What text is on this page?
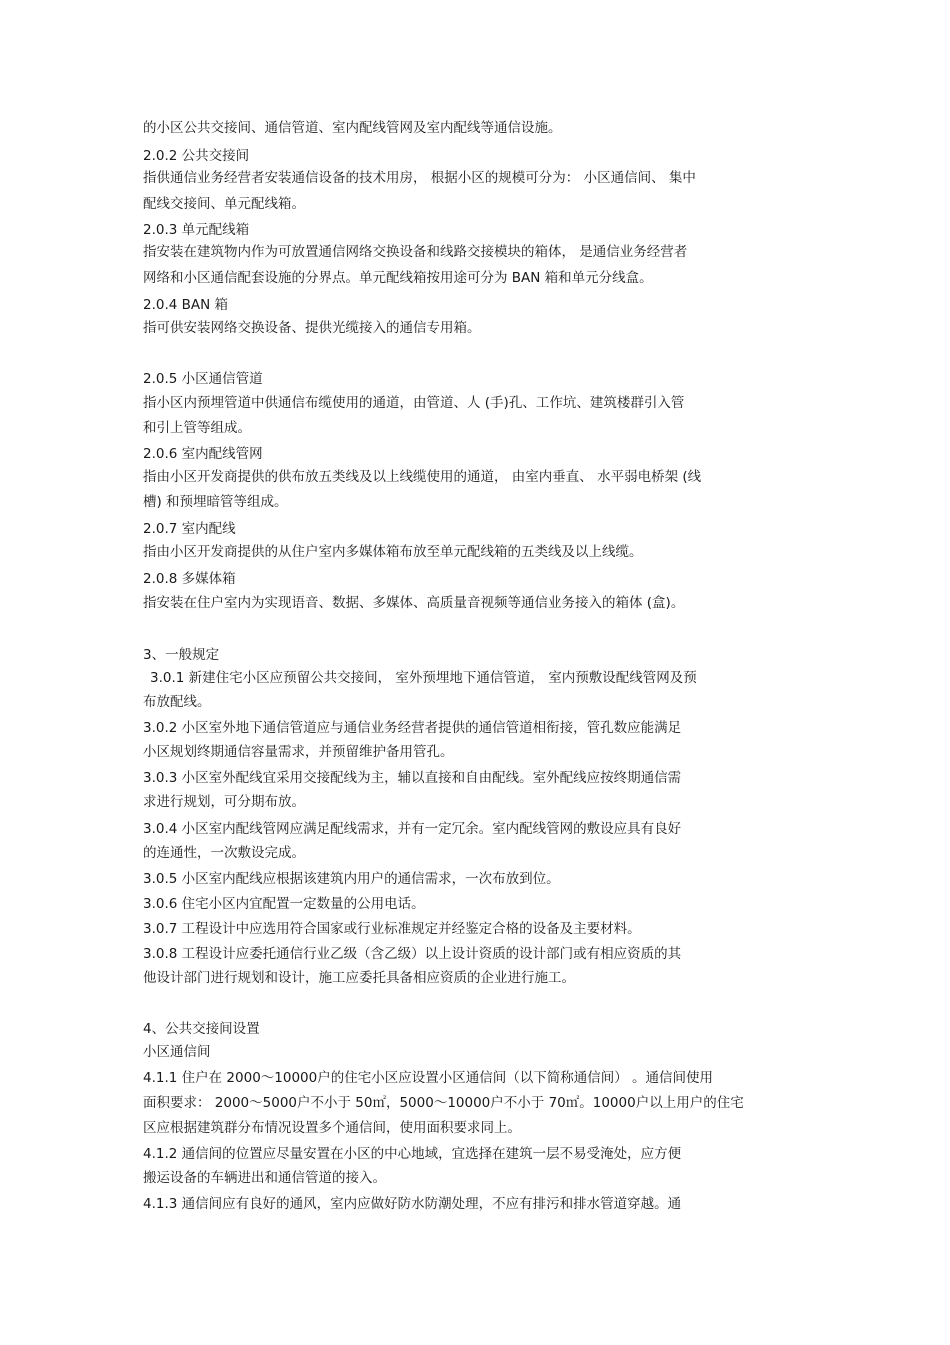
的小区公共交接间、通信管道、室内配线管网及室内配线等通信设施。
2.0.2 公共交接间
指供通信业务经营者安装通信设备的技术用房， 根据小区的规模可分为： 小区通信间、 集中
配线交接间、单元配线箱。
2.0.3 单元配线箱
指安装在建筑物内作为可放置通信网络交换设备和线路交接模块的箱体， 是通信业务经营者
网络和小区通信配套设施的分界点。单元配线箱按用途可分为 BAN 箱和单元分线盒。
2.0.4 BAN 箱
指可供安装网络交换设备、提供光缆接入的通信专用箱。
2.0.5 小区通信管道
指小区内预埋管道中供通信布缆使用的通道，由管道、人 (手)孔、工作坑、建筑楼群引入管
和引上管等组成。
2.0.6 室内配线管网
指由小区开发商提供的供布放五类线及以上线缆使用的通道， 由室内垂直、 水平弱电桥架 (线
槽) 和预埋暗管等组成。
2.0.7 室内配线
指由小区开发商提供的从住户室内多媒体箱布放至单元配线箱的五类线及以上线缆。
2.0.8 多媒体箱
指安装在住户室内为实现语音、数据、多媒体、高质量音视频等通信业务接入的箱体 (盒)。
3、一般规定
3.0.1 新建住宅小区应预留公共交接间， 室外预埋地下通信管道， 室内预敷设配线管网及预
布放配线。
3.0.2 小区室外地下通信管道应与通信业务经营者提供的通信管道相衔接，管孔数应能满足
小区规划终期通信容量需求，并预留维护备用管孔。
3.0.3 小区室外配线宜采用交接配线为主，辅以直接和自由配线。室外配线应按终期通信需
求进行规划，可分期布放。
3.0.4 小区室内配线管网应满足配线需求，并有一定冗余。室内配线管网的敷设应具有良好
的连通性，一次敷设完成。
3.0.5 小区室内配线应根据该建筑内用户的通信需求，一次布放到位。
3.0.6 住宅小区内宜配置一定数量的公用电话。
3.0.7 工程设计中应选用符合国家或行业标准规定并经鉴定合格的设备及主要材料。
3.0.8 工程设计应委托通信行业乙级（含乙级）以上设计资质的设计部门或有相应资质的其
他设计部门进行规划和设计，施工应委托具备相应资质的企业进行施工。
4、公共交接间设置
小区通信间
4.1.1 住户在 2000～10000户的住宅小区应设置小区通信间（以下简称通信间） 。通信间使用
面积要求： 2000～5000户不小于 50㎡，5000～10000户不小于 70㎡。10000户以上用户的住宅
区应根据建筑群分布情况设置多个通信间，使用面积要求同上。
4.1.2 通信间的位置应尽量安置在小区的中心地域，宜选择在建筑一层不易受淹处，应方便
搬运设备的车辆进出和通信管道的接入。
4.1.3 通信间应有良好的通风，室内应做好防水防潮处理，不应有排污和排水管道穿越。通
